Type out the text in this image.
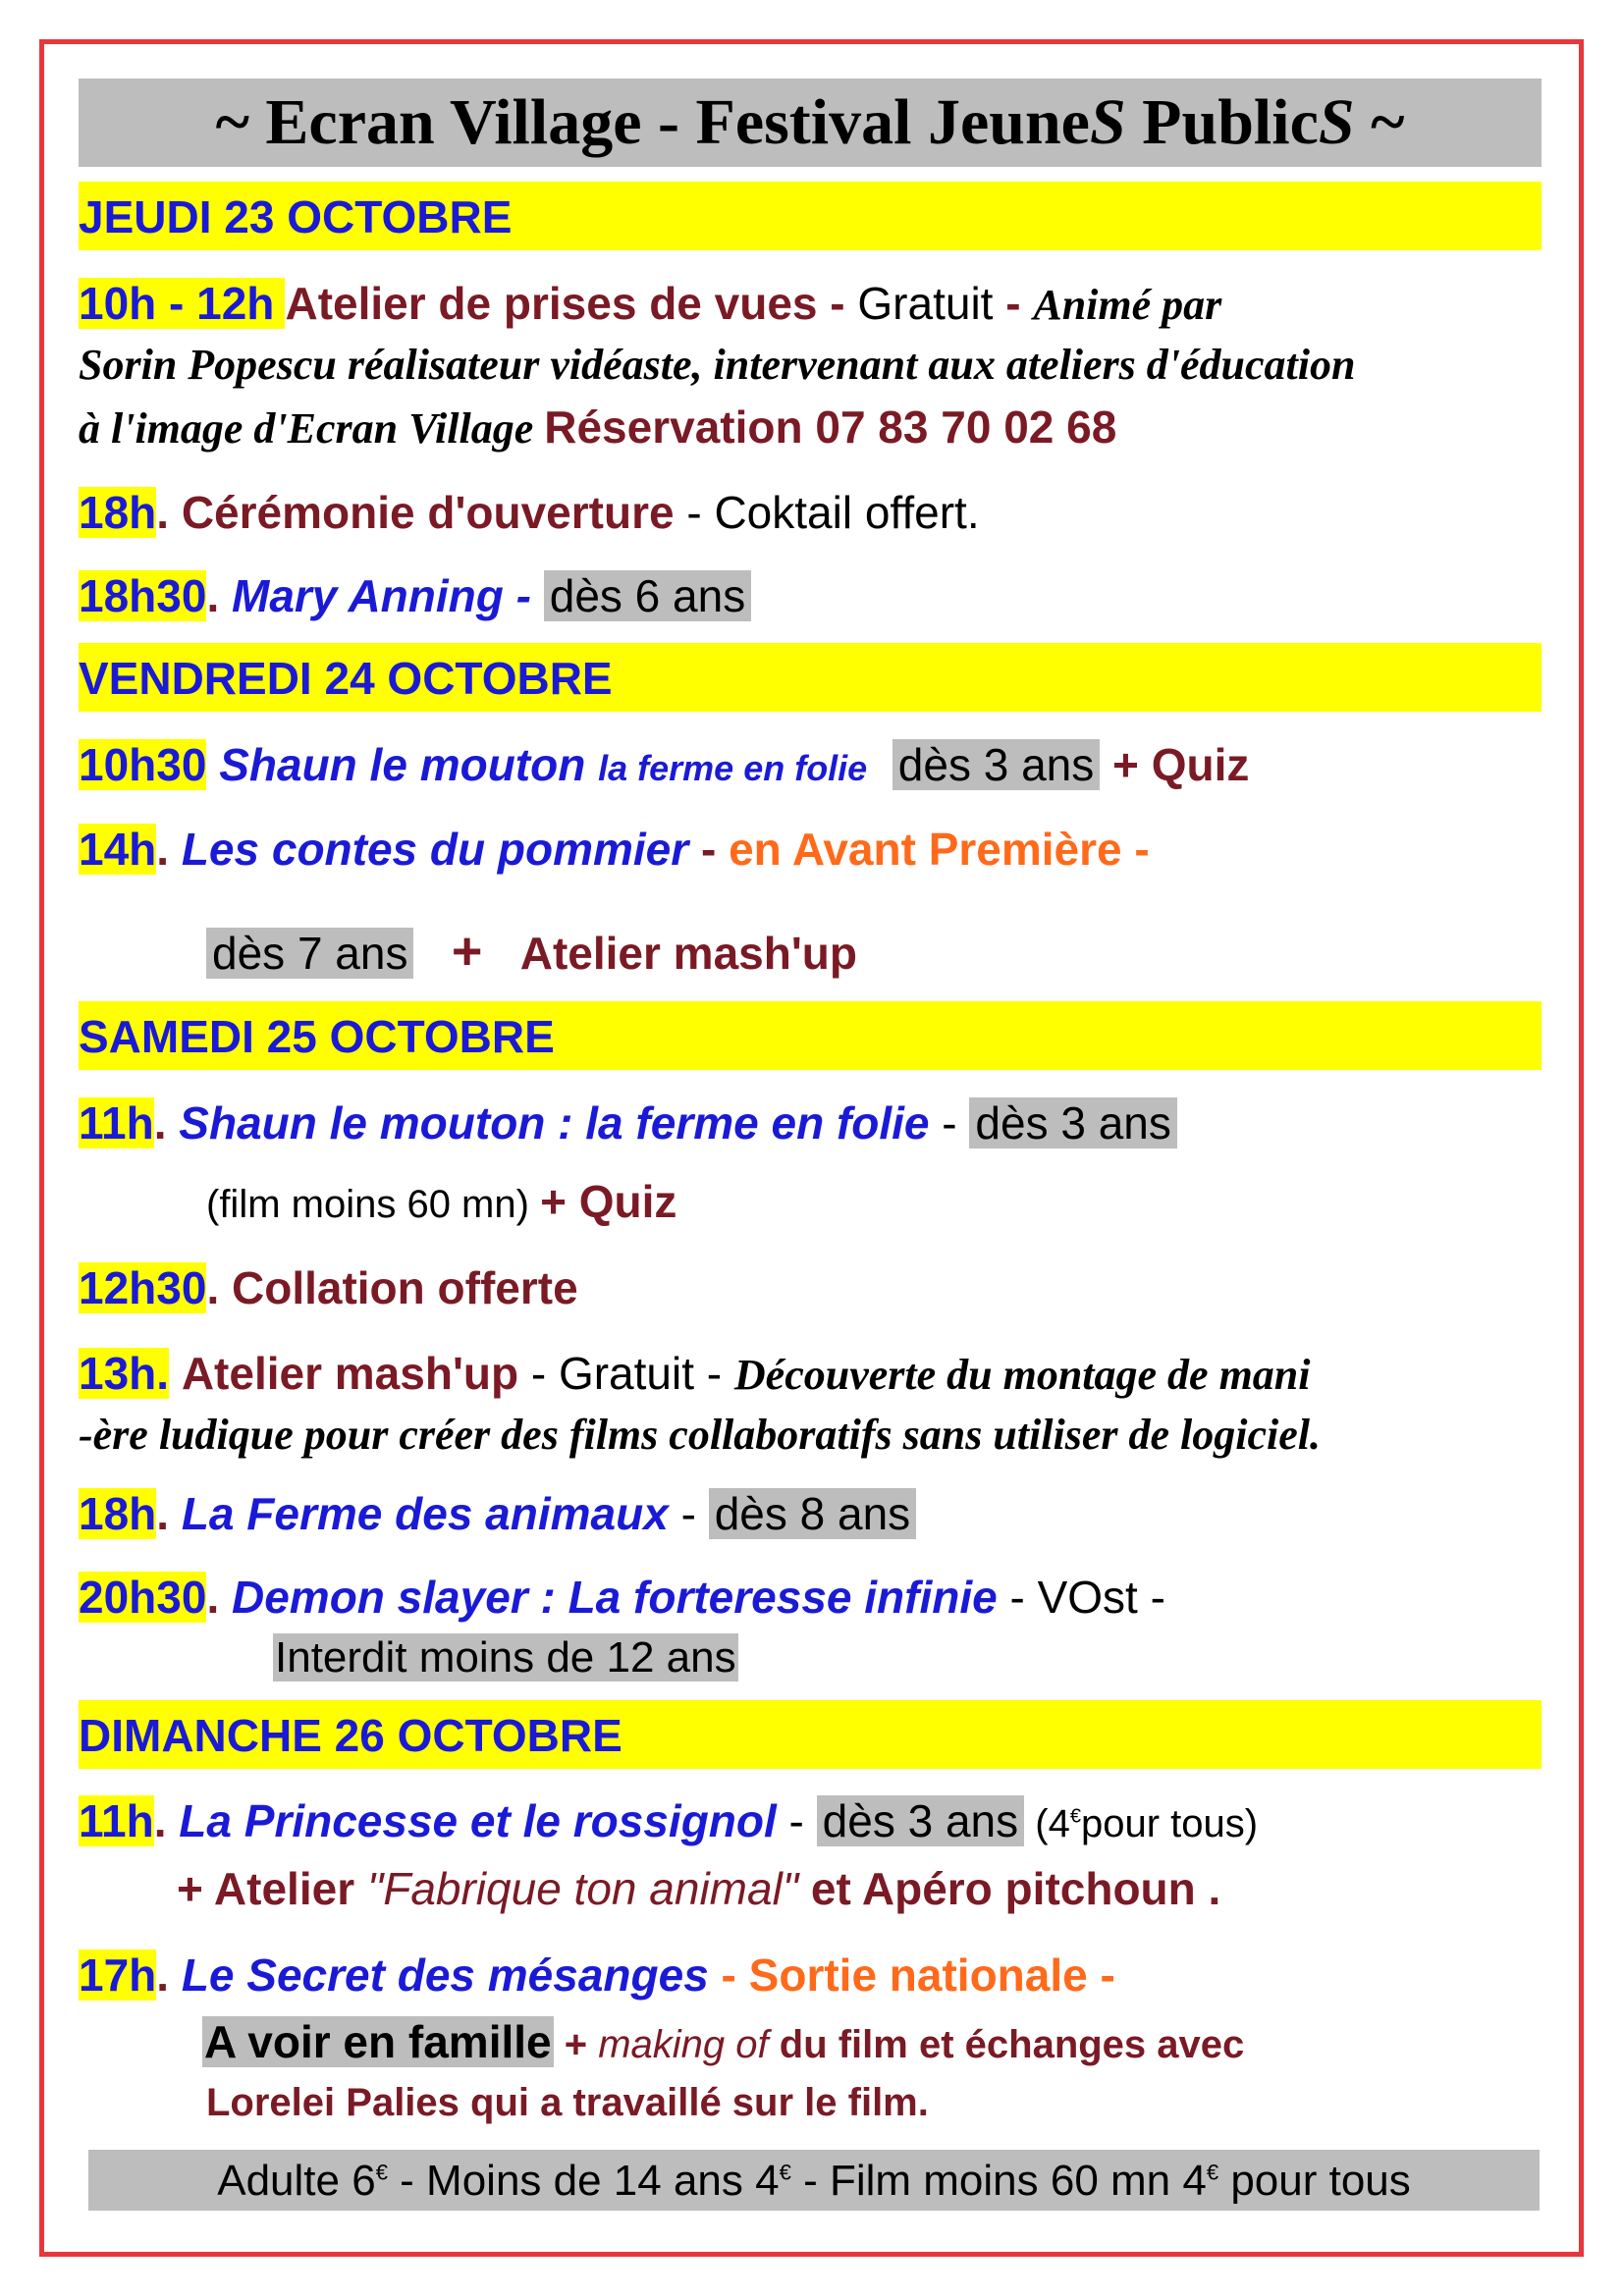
~ Ecran Village - Festival JeuneS PublicS ~
JEUDI 23 OCTOBRE
10h - 12h Atelier de prises de vues - Gratuit - Animé par
Sorin Popescu réalisateur vidéaste, intervenant aux ateliers d'éducation
à l'image d'Ecran Village Réservation 07 83 70 02 68
18h. Cérémonie d'ouverture - Coktail offert.
18h30. Mary Anning - dès 6 ans
VENDREDI 24 OCTOBRE
10h30 Shaun le mouton la ferme en folie dès 3 ans + Quiz
14h. Les contes du pommier - en Avant Première -
dès 7 ans + Atelier mash'up
SAMEDI 25 OCTOBRE
11h. Shaun le mouton : la ferme en folie - dès 3 ans
(film moins 60 mn) + Quiz
12h30. Collation offerte
13h. Atelier mash'up - Gratuit - Découverte du montage de mani
-ère ludique pour créer des films collaboratifs sans utiliser de logiciel.
18h. La Ferme des animaux - dès 8 ans
20h30. Demon slayer : La forteresse infinie - VOst -
Interdit moins de 12 ans
DIMANCHE 26 OCTOBRE
11h. La Princesse et le rossignol - dès 3 ans (4€pour tous)
+ Atelier "Fabrique ton animal" et Apéro pitchoun .
17h. Le Secret des mésanges - Sortie nationale -
A voir en famille + making of du film et échanges avec
Lorelei Palies qui a travaillé sur le film.
Adulte 6€ - Moins de 14 ans 4€ - Film moins 60 mn 4€ pour tous
